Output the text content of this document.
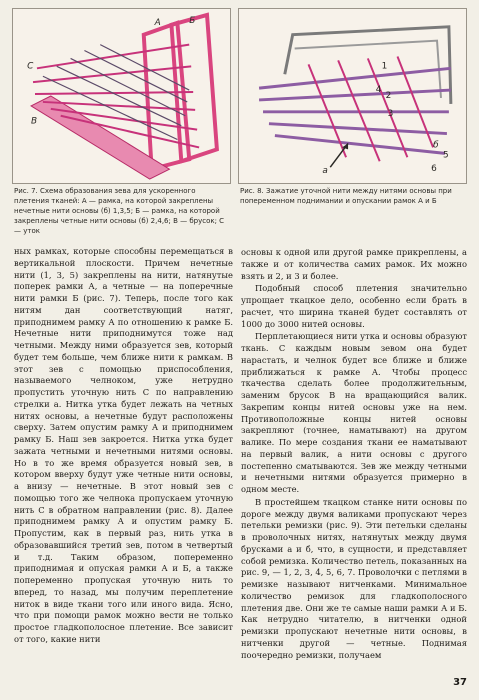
А	Б
В
С	1
2
3
4
5
6
а
б
Рис. 7. Схема образования зева для ускоренного плетения тканей: А — рамка, на которой закреплены нечетные нити основы (б) 1,3,5; Б — рамка, на которой закреплены четные нити основы (б) 2,4,6; В — брусок; С — уток
Рис. 8. Зажатие уточной нити между нитями основы при попеременном поднимании и опускании рамок А и Б

ных рамках, которые способны перемещаться в вертикальной плоскости. Причем нечетные нити (1, 3, 5) закреплены на нити, натянутые поперек рамки А, а четные — на поперечные нити рамки Б (рис. 7). Теперь, после того как нитям дан соответствующий натяг, приподнимем рамку А по отношению к рамке Б. Нечетные нити приподнимутся тоже над четными. Между ними образуется зев, который будет тем больше, чем ближе нити к рамкам. В этот зев с помощью приспособления, называемого челноком, уже нетрудно пропустить уточную нить С по направлению стрелки а. Нитка утка будет лежать на четных нитях основы, а нечетные будут расположены сверху. Затем опустим рамку А и приподнимем рамку Б. Наш зев закроется. Нитка утка будет зажата четными и нечетными нитями основы. Но в то же время образуется новый зев, в котором вверху будут уже четные нити основы, а внизу — нечетные. В этот новый зев с помощью того же челнока пропускаем уточную нить С в обратном направлении (рис. 8). Далее приподнимем рамку А и опустим рамку Б. Пропустим, как в первый раз, нить утка в образовавшийся третий зев, потом в четвертый и т.д. Таким образом, попеременно приподнимая и опуская рамки А и Б, а также попеременно пропуская уточную нить то вперед, то назад, мы получим переплетение ниток в виде ткани того или иного вида. Ясно, что при помощи рамок можно вести не только простое гладкополосное плетение. Все зависит от того, какие нити

основы к одной или другой рамке прикреплены, а также и от количества самих рамок. Их можно взять и 2, и 3 и более.

Подобный способ плетения значительно упрощает ткацкое дело, особенно если брать в расчет, что ширина тканей будет составлять от 1000 до 3000 нитей основы.

Перплетающиеся нити утка и основы образуют ткань. С каждым новым зевом она будет нарастать, и челнок будет все ближе и ближе приближаться к рамке А. Чтобы процесс ткачества сделать более продолжительным, заменим брусок В на вращающийся валик. Закрепим концы нитей основы уже на нем. Противоположные концы нитей основы закрепляют (точнее, наматывают) на другом валике. По мере создания ткани ее наматывают на первый валик, а нити основы с другого постепенно сматываются. Зев же между четными и нечетными нитями образуется примерно в одном месте.

В простейшем ткацком станке нити основы по дороге между двумя валиками пропускают через петельки ремизки (рис. 9). Эти петельки сделаны в проволочных нитях, натянутых между двумя брусками а и б, что, в сущности, и представляет собой ремизка. Количество петель, показанных на рис. 9, — 1, 2, 3, 4, 5, 6, 7. Проволочки с петлями в ремизке называют нитченками. Минимальное количество ремизок для гладкополосного плетения две. Они же те самые наши рамки А и Б. Как нетрудно читателю, в нитченки одной ремизки пропускают нечетные нити основы, в нитченки другой — четные. Поднимая поочередно ремизки, получаем

37
